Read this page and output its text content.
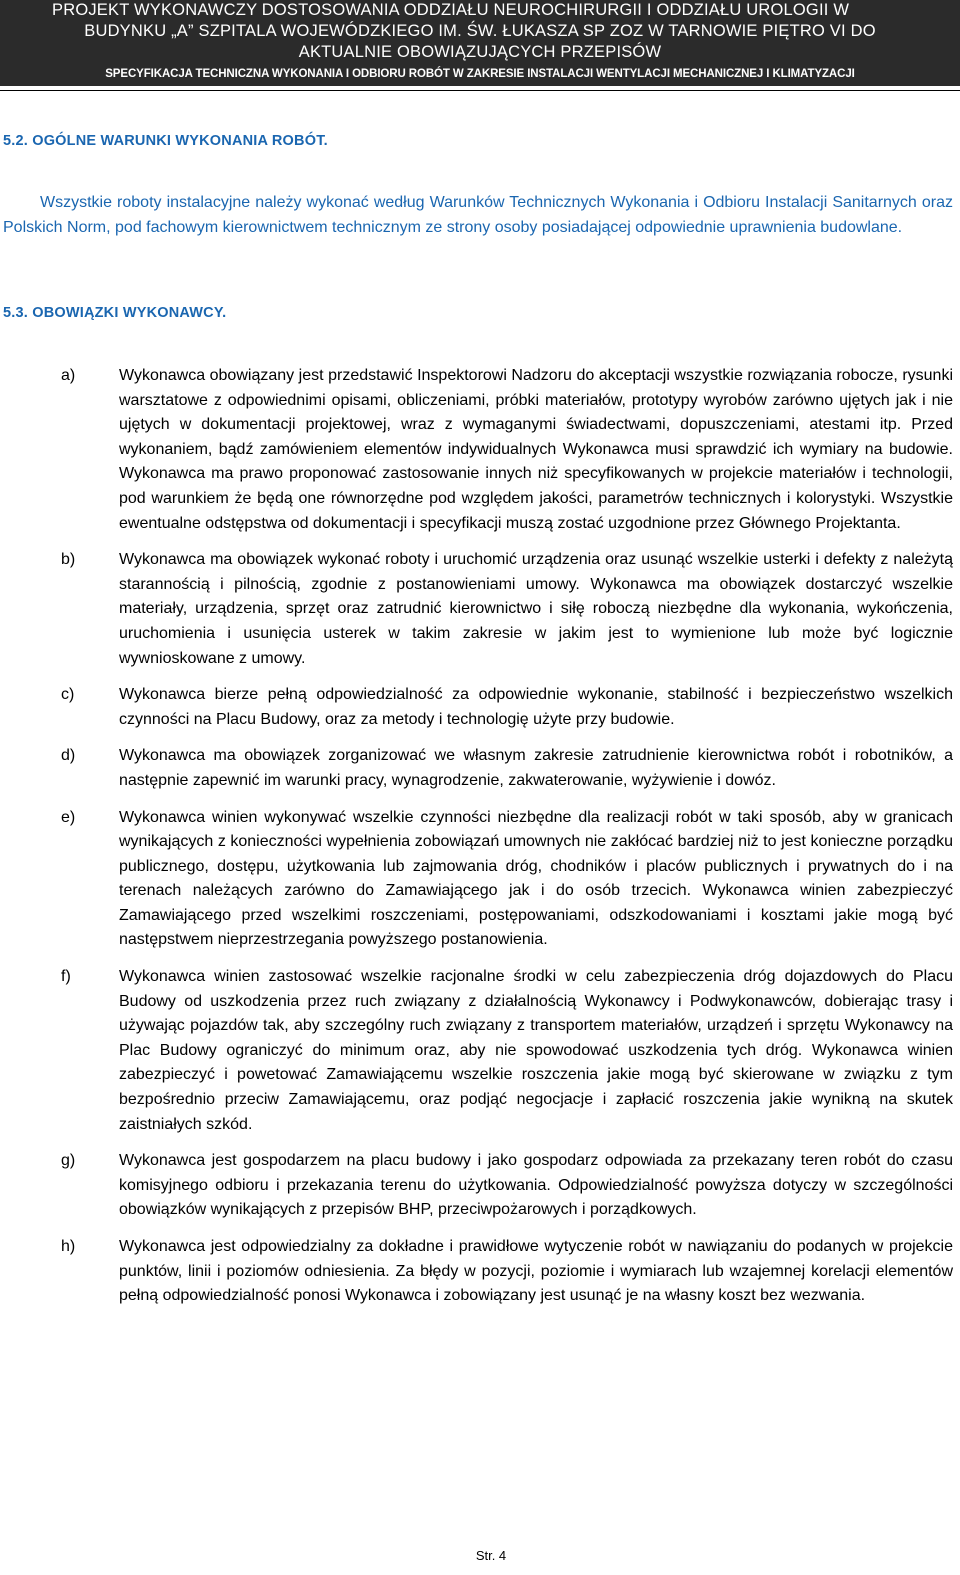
PROJEKT WYKONAWCZY DOSTOSOWANIA ODDZIAŁU NEUROCHIRURGII I ODDZIAŁU UROLOGII W
BUDYNKU „A” SZPITALA WOJEWÓDZKIEGO IM. ŚW. ŁUKASZA SP ZOZ W TARNOWIE PIĘTRO VI DO
AKTUALNIE OBOWIĄZUJĄCYCH PRZEPISÓW
SPECYFIKACJA TECHNICZNA WYKONANIA I ODBIORU ROBÓT W ZAKRESIE INSTALACJI WENTYLACJI MECHANICZNEJ I KLIMATYZACJI
5.2. OGÓLNE WARUNKI WYKONANIA ROBÓT.

Wszystkie roboty instalacyjne należy wykonać według Warunków Technicznych Wykonania i Odbioru Instalacji Sanitarnych oraz Polskich Norm, pod fachowym kierownictwem technicznym ze strony osoby posiadającej odpowiednie uprawnienia budowlane.

5.3. OBOWIĄZKI WYKONAWCY.
a)	Wykonawca obowiązany jest przedstawić Inspektorowi Nadzoru do akceptacji wszystkie rozwiązania robocze, rysunki warsztatowe z odpowiednimi opisami, obliczeniami, próbki materiałów, prototypy wyrobów zarówno ujętych jak i nie ujętych w dokumentacji projektowej, wraz z wymaganymi świadectwami, dopuszczeniami, atestami itp. Przed wykonaniem, bądź zamówieniem elementów indywidualnych Wykonawca musi sprawdzić ich wymiary na budowie. Wykonawca ma prawo proponować zastosowanie innych niż specyfikowanych w projekcie materiałów i technologii, pod warunkiem że będą one równorzędne pod względem jakości, parametrów technicznych i kolorystyki. Wszystkie ewentualne odstępstwa od dokumentacji i specyfikacji muszą zostać uzgodnione przez Głównego Projektanta.

b)	Wykonawca ma obowiązek wykonać roboty i uruchomić urządzenia oraz usunąć wszelkie usterki i defekty z należytą starannością i pilnością, zgodnie z postanowieniami umowy. Wykonawca ma obowiązek dostarczyć wszelkie materiały, urządzenia, sprzęt oraz zatrudnić kierownictwo i siłę roboczą niezbędne dla wykonania, wykończenia, uruchomienia i usunięcia usterek w takim zakresie w jakim jest to wymienione lub może być logicznie wywnioskowane z umowy.

c)	Wykonawca bierze pełną odpowiedzialność za odpowiednie wykonanie, stabilność i bezpieczeństwo wszelkich czynności na Placu Budowy, oraz za metody i technologię użyte przy budowie.

d)	Wykonawca ma obowiązek zorganizować we własnym zakresie zatrudnienie kierownictwa robót i robotników, a następnie zapewnić im warunki pracy, wynagrodzenie, zakwaterowanie, wyżywienie i dowóz.

e)	Wykonawca winien wykonywać wszelkie czynności niezbędne dla realizacji robót w taki sposób, aby w granicach wynikających z konieczności wypełnienia zobowiązań umownych nie zakłócać bardziej niż to jest konieczne porządku publicznego, dostępu, użytkowania lub zajmowania dróg, chodników i placów publicznych i prywatnych do i na terenach należących zarówno do Zamawiającego jak i do osób trzecich. Wykonawca winien zabezpieczyć Zamawiającego przed wszelkimi roszczeniami, postępowaniami, odszkodowaniami i kosztami jakie mogą być następstwem nieprzestrzegania powyższego postanowienia.

f)	Wykonawca winien zastosować wszelkie racjonalne środki w celu zabezpieczenia dróg dojazdowych do Placu Budowy od uszkodzenia przez ruch związany z działalnością Wykonawcy i Podwykonawców, dobierając trasy i używając pojazdów tak, aby szczególny ruch związany z transportem materiałów, urządzeń i sprzętu Wykonawcy na Plac Budowy ograniczyć do minimum oraz, aby nie spowodować uszkodzenia tych dróg. Wykonawca winien zabezpieczyć i powetować Zamawiającemu wszelkie roszczenia jakie mogą być skierowane w związku z tym bezpośrednio przeciw Zamawiającemu, oraz podjąć negocjacje i zapłacić roszczenia jakie wynikną na skutek zaistniałych szkód.

g)	Wykonawca jest gospodarzem na placu budowy i jako gospodarz odpowiada za przekazany teren robót do czasu komisyjnego odbioru i przekazania terenu do użytkowania. Odpowiedzialność powyższa dotyczy w szczególności obowiązków wynikających z przepisów BHP, przeciwpożarowych i porządkowych.

h)	Wykonawca jest odpowiedzialny za dokładne i prawidłowe wytyczenie robót w nawiązaniu do podanych w projekcie punktów, linii i poziomów odniesienia. Za błędy w pozycji, poziomie i wymiarach lub wzajemnej korelacji elementów pełną odpowiedzialność ponosi Wykonawca i zobowiązany jest usunąć je na własny koszt bez wezwania.

Str. 4
